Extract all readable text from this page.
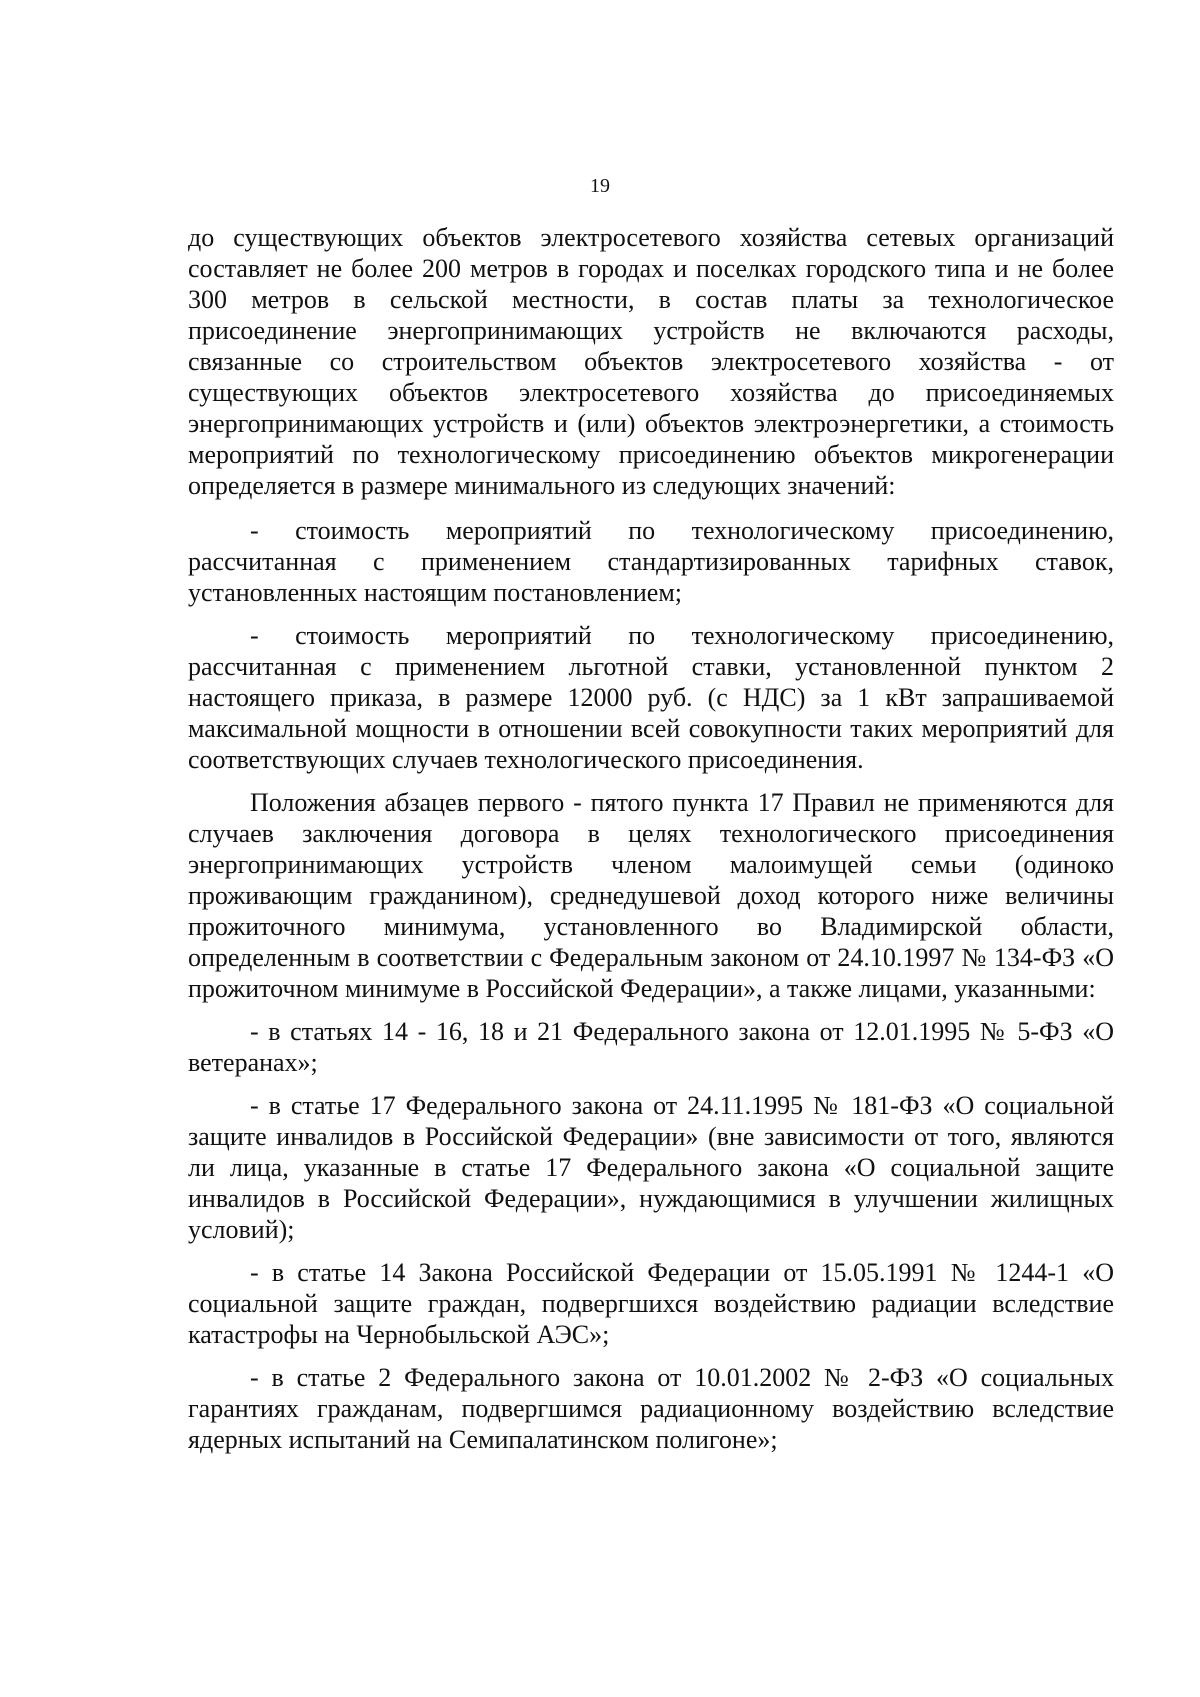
19

до существующих объектов электросетевого хозяйства сетевых организаций составляет не более 200 метров в городах и поселках городского типа и не более 300 метров в сельской местности, в состав платы за технологическое присоединение энергопринимающих устройств не включаются расходы, связанные со строительством объектов электросетевого хозяйства - от существующих объектов электросетевого хозяйства до присоединяемых энергопринимающих устройств и (или) объектов электроэнергетики, а стоимость мероприятий по технологическому присоединению объектов микрогенерации определяется в размере минимального из следующих значений:

- стоимость мероприятий по технологическому присоединению, рассчитанная с применением стандартизированных тарифных ставок, установленных настоящим постановлением;

- стоимость мероприятий по технологическому присоединению, рассчитанная с применением льготной ставки, установленной пунктом 2 настоящего приказа, в размере 12000 руб. (с НДС) за 1 кВт запрашиваемой максимальной мощности в отношении всей совокупности таких мероприятий для соответствующих случаев технологического присоединения.

Положения абзацев первого - пятого пункта 17 Правил не применяются для случаев заключения договора в целях технологического присоединения энергопринимающих устройств членом малоимущей семьи (одиноко проживающим гражданином), среднедушевой доход которого ниже величины прожиточного минимума, установленного во Владимирской области, определенным в соответствии с Федеральным законом от 24.10.1997 № 134-ФЗ «О прожиточном минимуме в Российской Федерации», а также лицами, указанными:

- в статьях 14 - 16, 18 и 21 Федерального закона от 12.01.1995 № 5-ФЗ «О ветеранах»;

- в статье 17 Федерального закона от 24.11.1995 № 181-ФЗ «О социальной защите инвалидов в Российской Федерации» (вне зависимости от того, являются ли лица, указанные в статье 17 Федерального закона «О социальной защите инвалидов в Российской Федерации», нуждающимися в улучшении жилищных условий);

- в статье 14 Закона Российской Федерации от 15.05.1991 № 1244-1 «О социальной защите граждан, подвергшихся воздействию радиации вследствие катастрофы на Чернобыльской АЭС»;

- в статье 2 Федерального закона от 10.01.2002 № 2-ФЗ «О социальных гарантиях гражданам, подвергшимся радиационному воздействию вследствие ядерных испытаний на Семипалатинском полигоне»;
